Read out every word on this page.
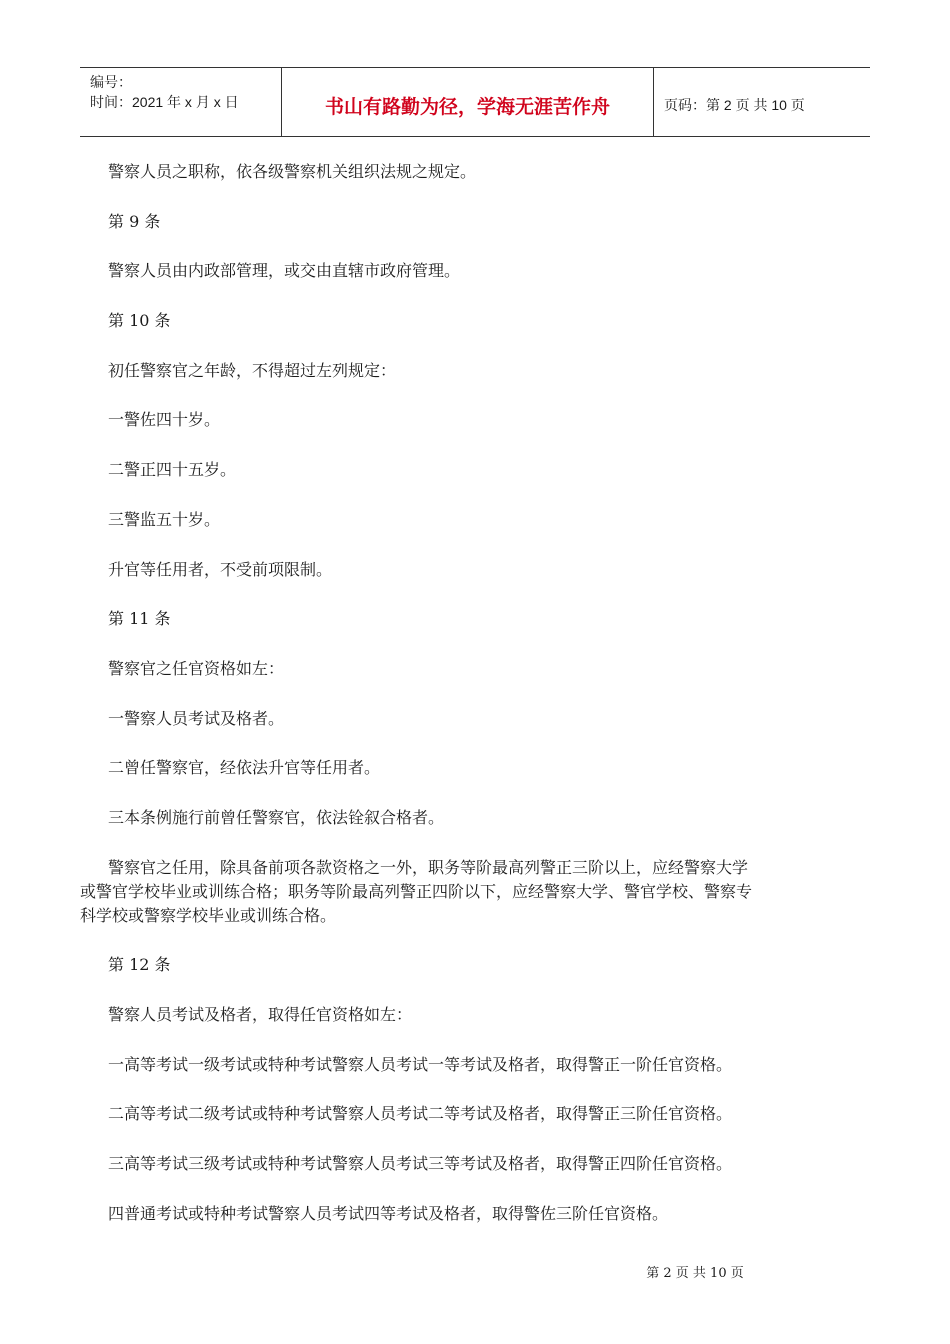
编号：
时间：2021 年 x 月 x 日	书山有路勤为径，学海无涯苦作舟	页码：第 2 页 共 10 页

警察人员之职称，依各级警察机关组织法规之规定。

第 9 条

警察人员由内政部管理，或交由直辖市政府管理。

第 10 条

初任警察官之年龄，不得超过左列规定：

一警佐四十岁。

二警正四十五岁。

三警监五十岁。

升官等任用者，不受前项限制。

第 11 条

警察官之任官资格如左：

一警察人员考试及格者。

二曾任警察官，经依法升官等任用者。

三本条例施行前曾任警察官，依法铨叙合格者。

警察官之任用，除具备前项各款资格之一外，职务等阶最高列警正三阶以上，应经警察大学

或警官学校毕业或训练合格；职务等阶最高列警正四阶以下，应经警察大学、警官学校、警察专

科学校或警察学校毕业或训练合格。

第 12 条

警察人员考试及格者，取得任官资格如左：

一高等考试一级考试或特种考试警察人员考试一等考试及格者，取得警正一阶任官资格。

二高等考试二级考试或特种考试警察人员考试二等考试及格者，取得警正三阶任官资格。

三高等考试三级考试或特种考试警察人员考试三等考试及格者，取得警正四阶任官资格。

四普通考试或特种考试警察人员考试四等考试及格者，取得警佐三阶任官资格。

第 2 页 共 10 页
